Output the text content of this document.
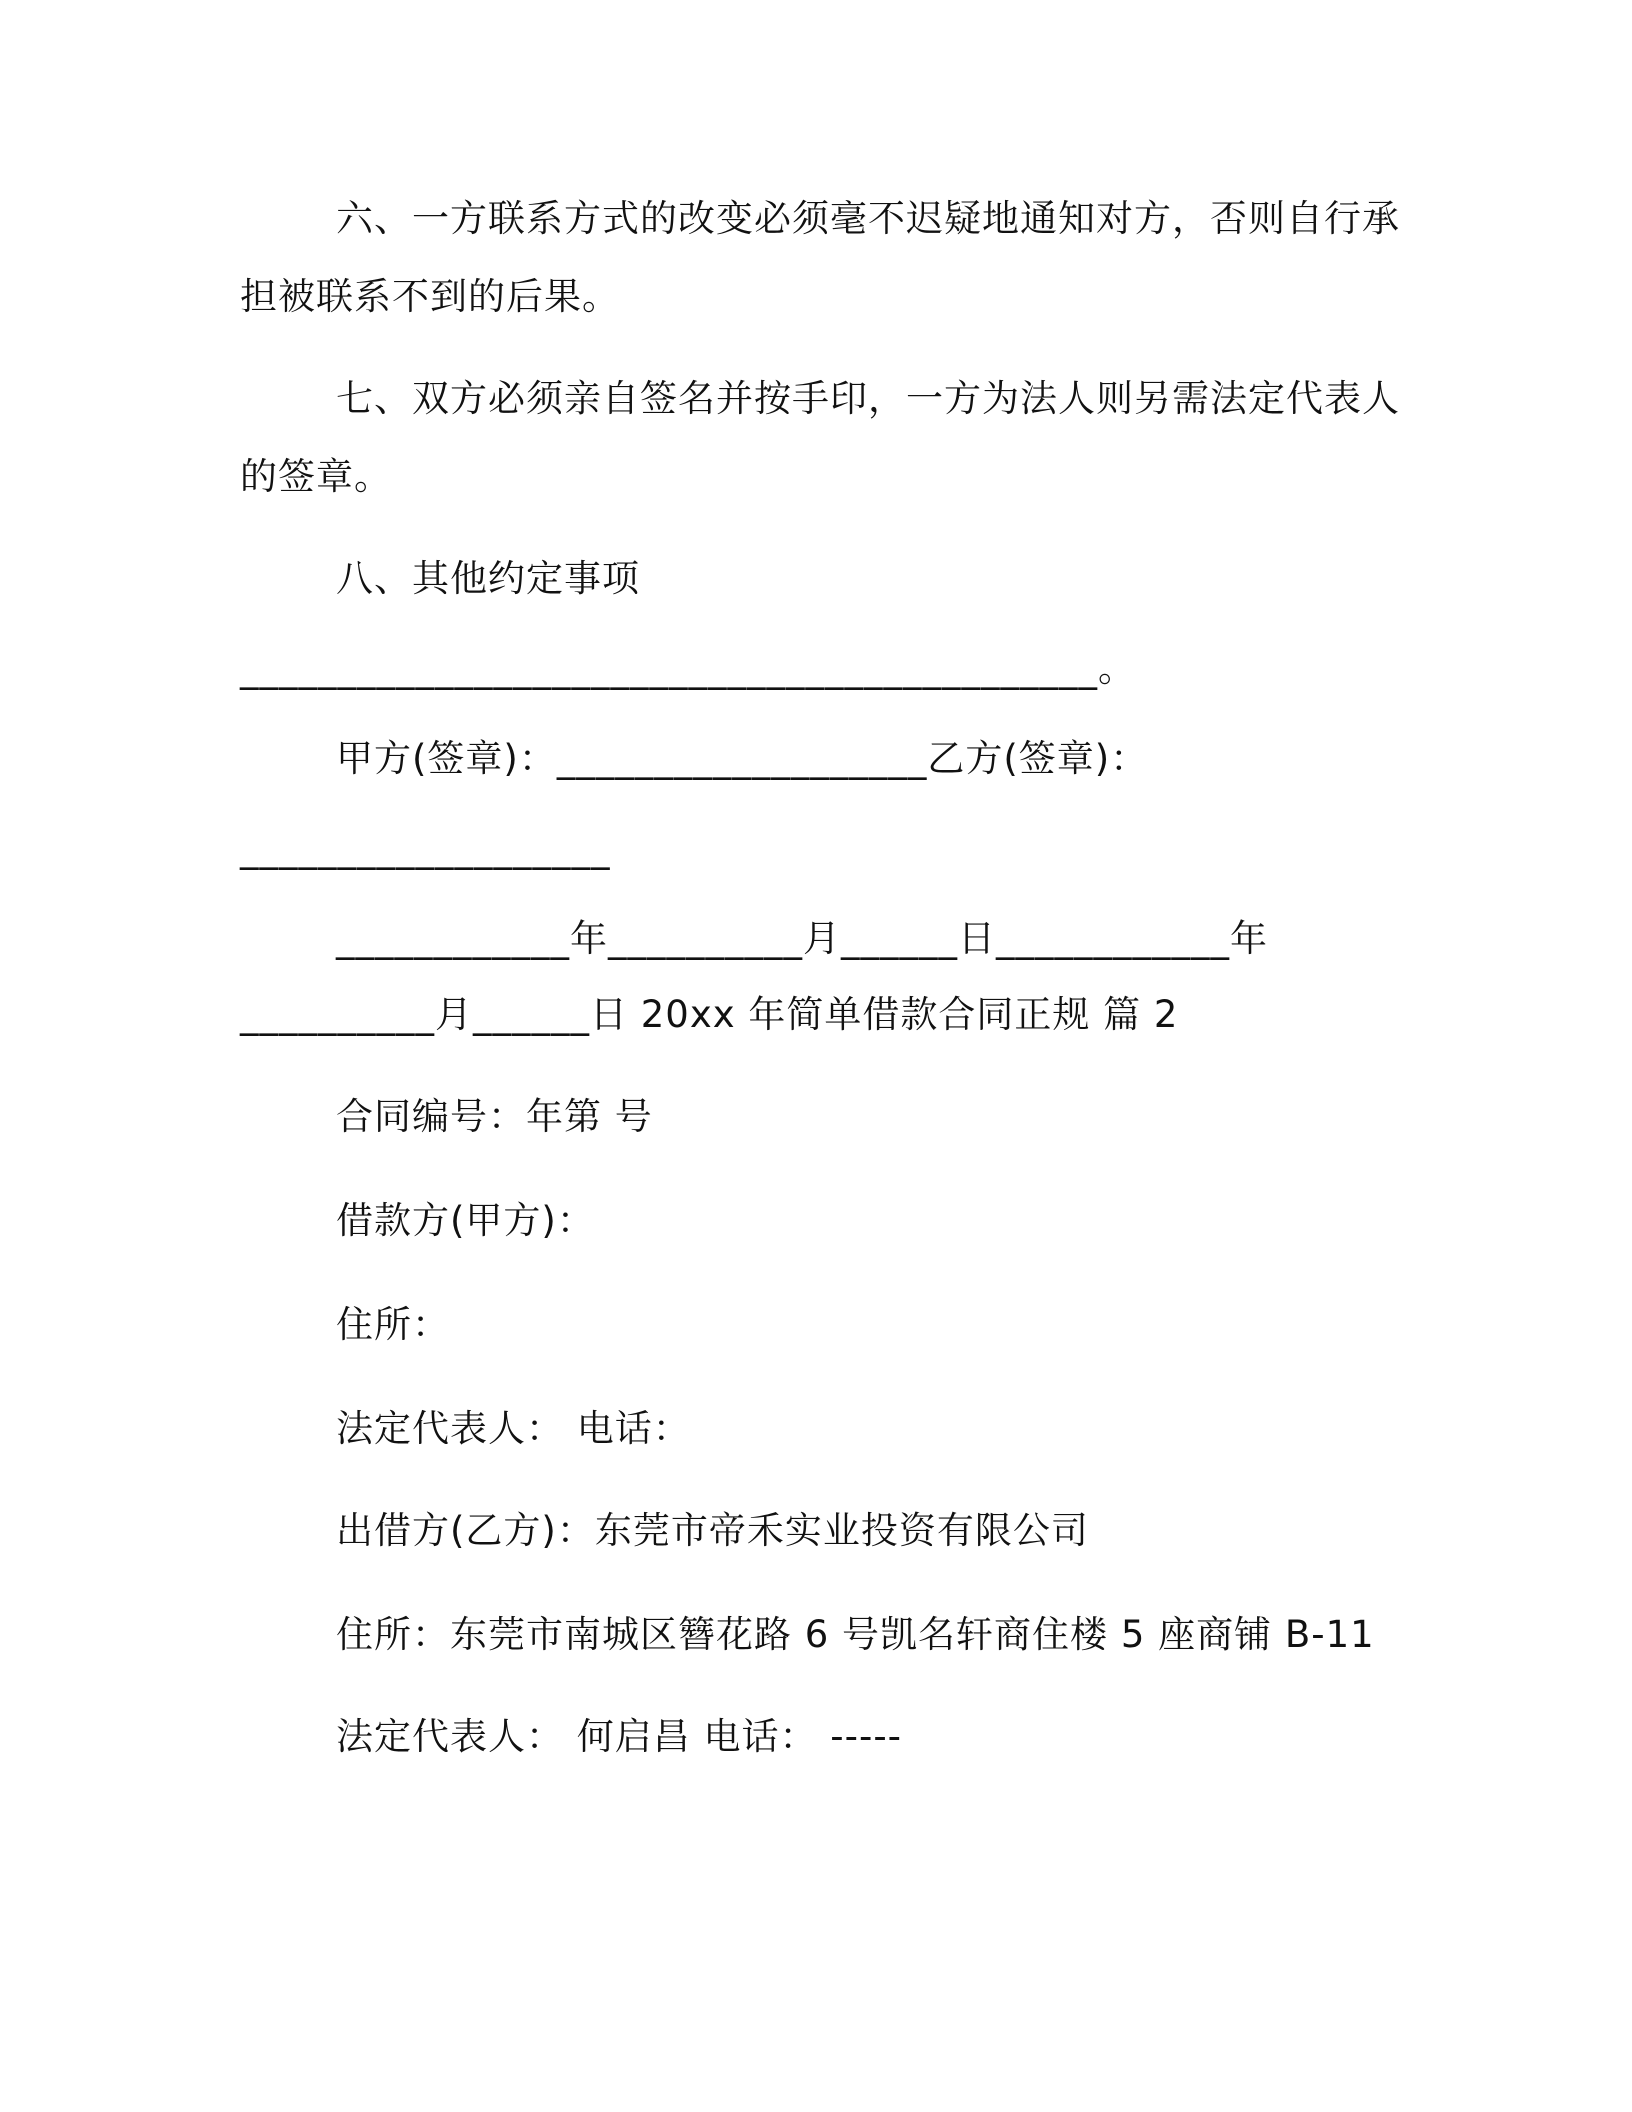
六、一方联系方式的改变必须毫不迟疑地通知对方，否则自行承
担被联系不到的后果。
七、双方必须亲自签名并按手印，一方为法人则另需法定代表人
的签章。
八、其他约定事项
____________________________________________。
甲方(签章)：___________________乙方(签章)：
___________________
____________年__________月______日____________年
__________月______日 20xx 年简单借款合同正规 篇 2
合同编号：年第 号
借款方(甲方)：
住所：
法定代表人： 电话：
出借方(乙方)：东莞市帝禾实业投资有限公司
住所：东莞市南城区簪花路 6 号凯名轩商住楼 5 座商铺 B-11
法定代表人： 何启昌 电话： -----
